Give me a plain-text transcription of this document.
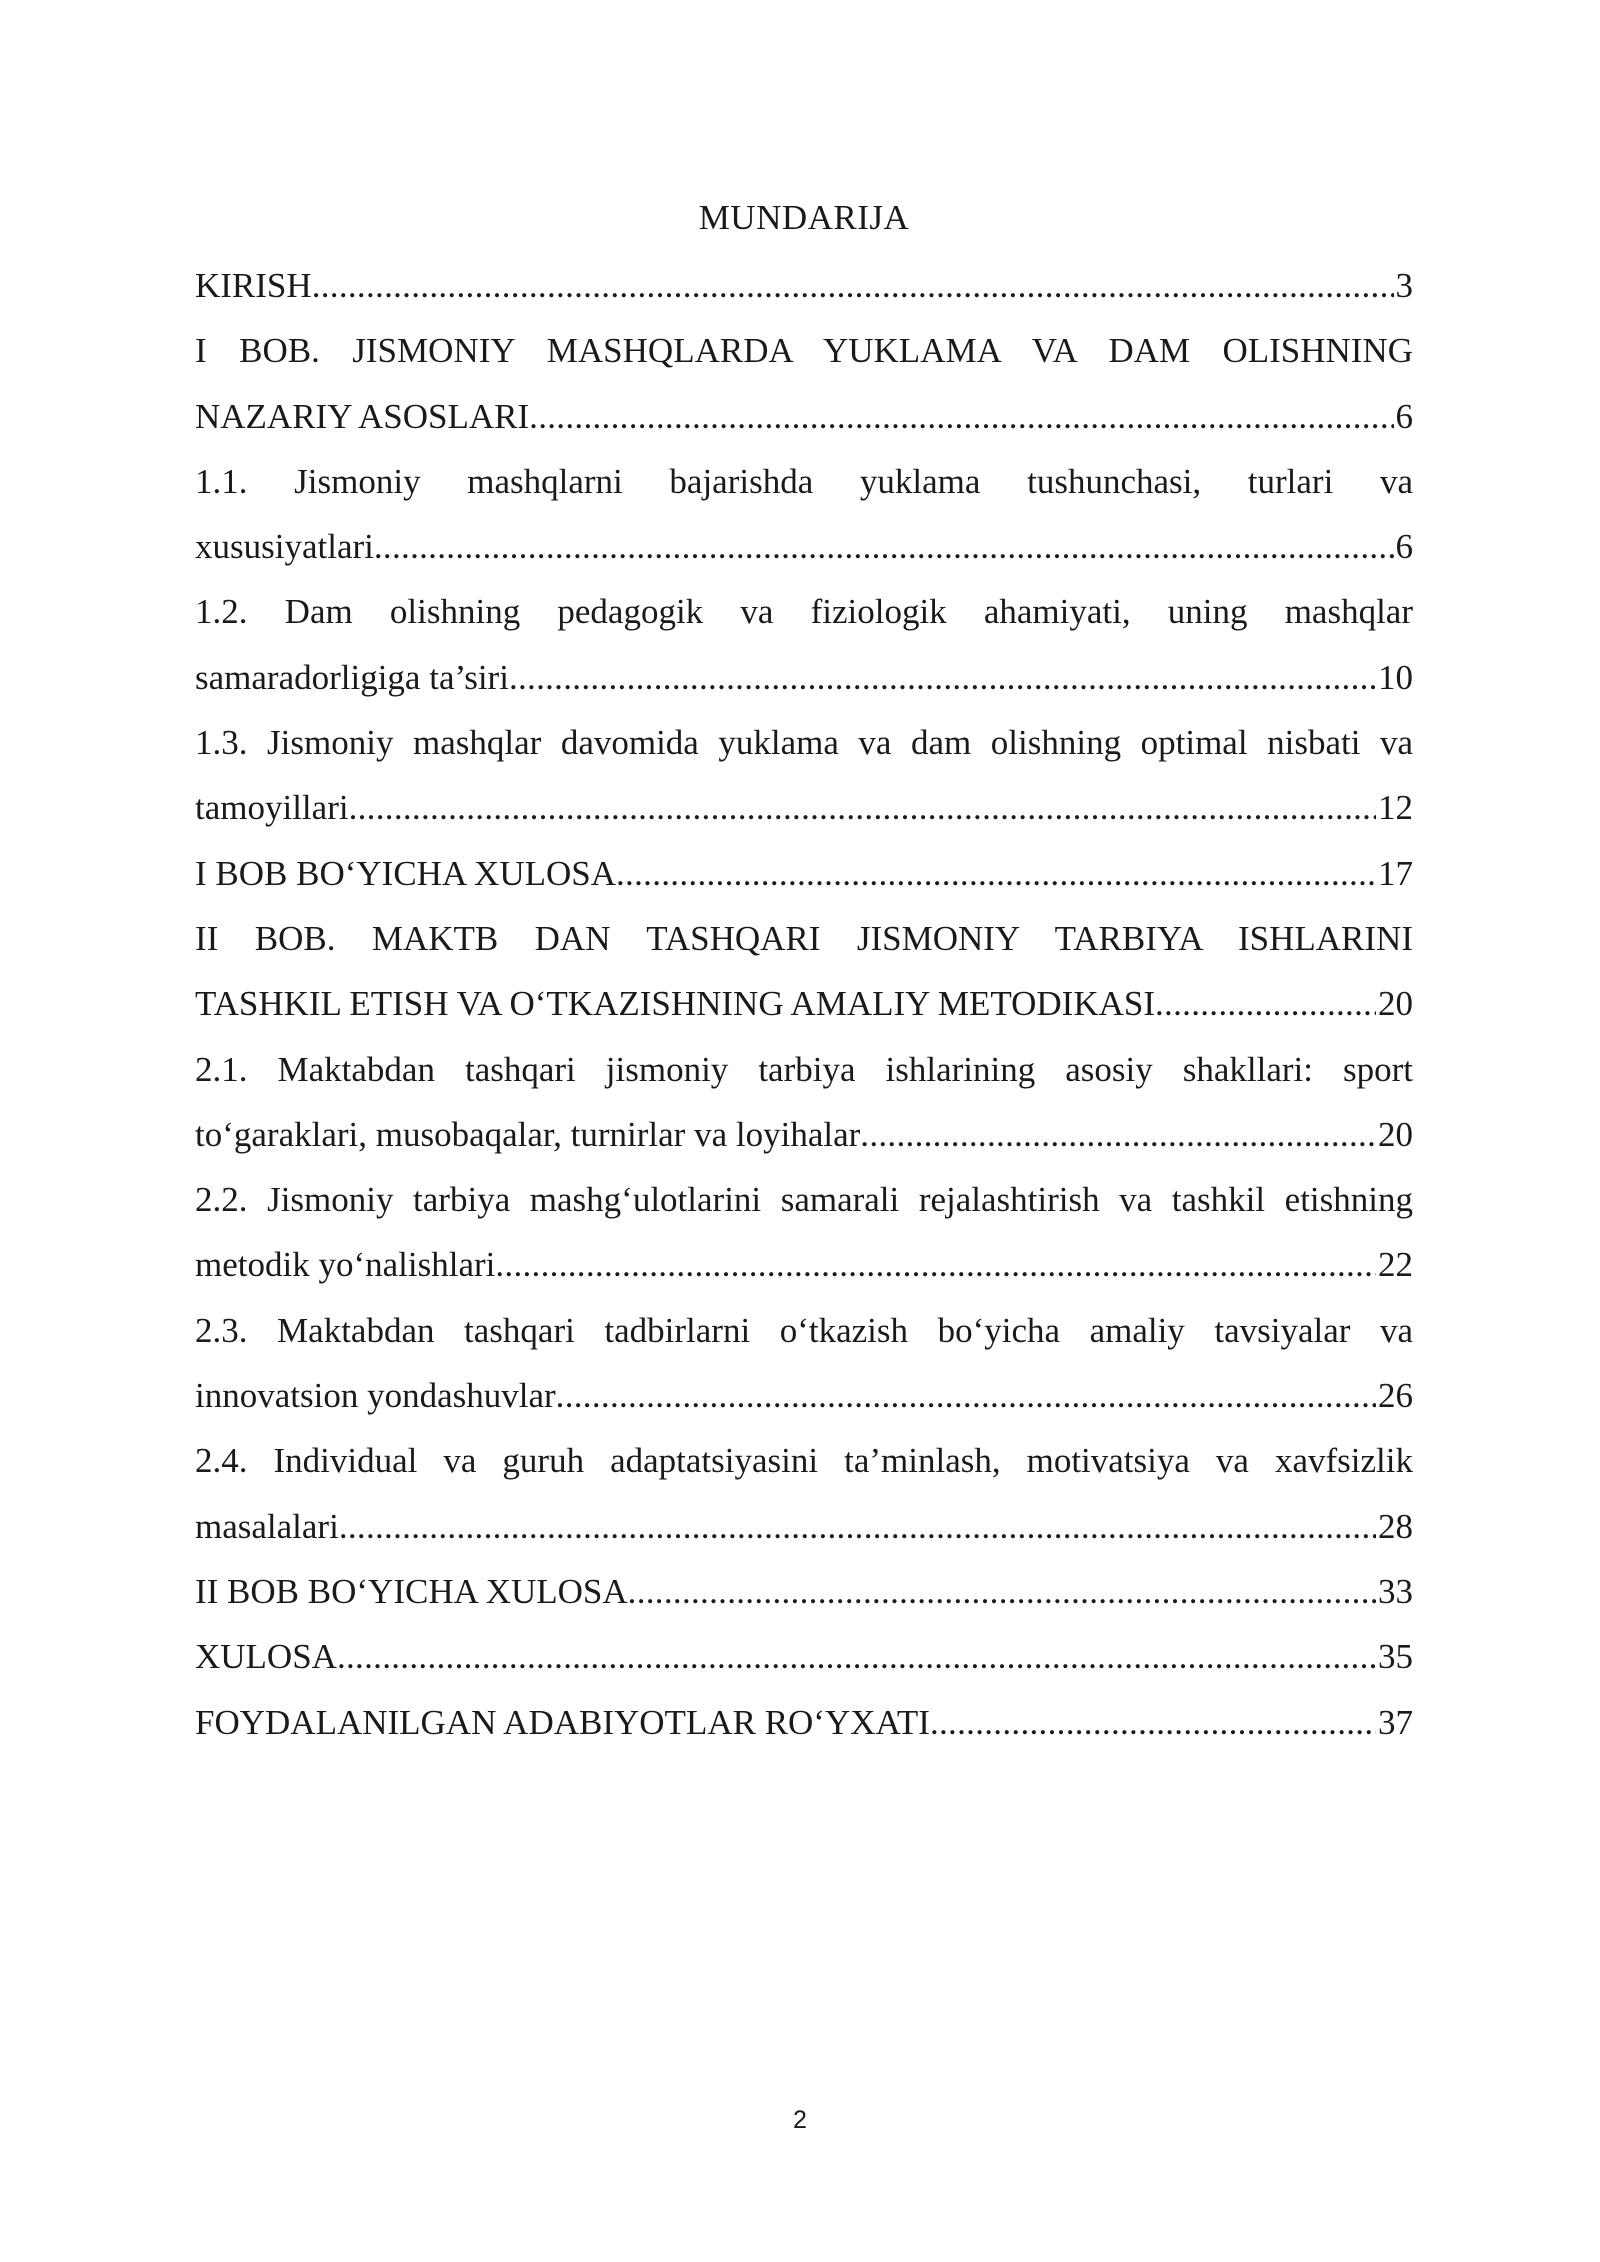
MUNDARIJA
KIRISH .....	3
I BOB. JISMONIY MASHQLARDA YUKLAMA VA DAM OLISHNING
NAZARIY ASOSLARI .....	6
1.1. Jismoniy mashqlarni bajarishda yuklama tushunchasi, turlari va
xususiyatlari .....	6
1.2. Dam olishning pedagogik va fiziologik ahamiyati, uning mashqlar
samaradorligiga ta’siri .....	10
1.3. Jismoniy mashqlar davomida yuklama va dam olishning optimal nisbati va
tamoyillari .....	12
I BOB BO‘YICHA XULOSA .....	17
II BOB. MAKTB DAN TASHQARI JISMONIY TARBIYA ISHLARINI
TASHKIL ETISH VA O‘TKAZISHNING AMALIY METODIKASI .....	20
2.1. Maktabdan tashqari jismoniy tarbiya ishlarining asosiy shakllari: sport
to‘garaklari, musobaqalar, turnirlar va loyihalar .....	20
2.2. Jismoniy tarbiya mashg‘ulotlarini samarali rejalashtirish va tashkil etishning
metodik yo‘nalishlari .....	22
2.3. Maktabdan tashqari tadbirlarni o‘tkazish bo‘yicha amaliy tavsiyalar va
innovatsion yondashuvlar .....	26
2.4. Individual va guruh adaptatsiyasini ta’minlash, motivatsiya va xavfsizlik
masalalari .....	28
II BOB BO‘YICHA XULOSA .....	33
XULOSA .....	35
FOYDALANILGAN ADABIYOTLAR RO‘YXATI .....	37
2
